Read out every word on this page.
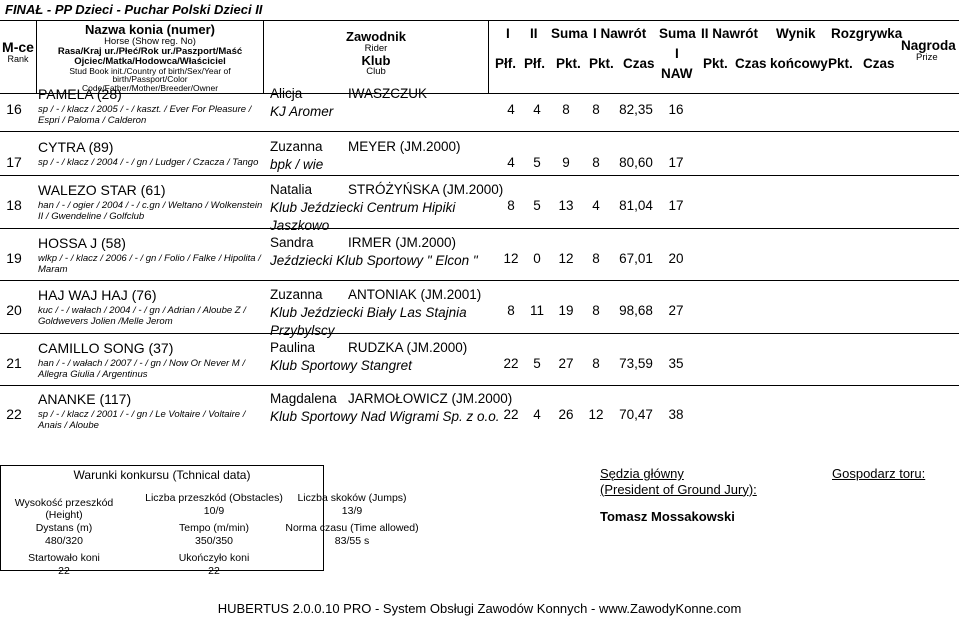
FINAŁ - PP Dzieci - Puchar Polski Dzieci II
M-ce
Rank
Nazwa konia (numer)
Horse (Show reg. No)
Rasa/Kraj ur./Płeć/Rok ur./Paszport/Maść
Ojciec/Matka/Hodowca/Właściciel
Stud Book init./Country of birth/Sex/Year of birth/Passport/Color
Code/Father/Mother/Breeder/Owner
Zawodnik
Rider
Klub
Club
I II Suma I Nawrót Suma II Nawrót Wynik Rozgrywka
Płf. Płf. Pkt. Pkt. Czas
I
NAW
Pkt. Czas końcowy Pkt. Czas
Nagroda
Prize
16
PAMELA (28)
sp / - / klacz / 2005 / - / kaszt. / Ever For Pleasure / Espri / Paloma / Calderon
Alicja	IWASZCZUK
KJ Aromer	4	4	8	8	82,35	16
17
CYTRA (89)
sp / - / klacz / 2004 / - / gn / Ludger / Czacza / Tango
Zuzanna MEYER (JM.2000)
bpk / wie	4	5	9	8	80,60	17
18
WALEZO STAR (61)
han / - / ogier / 2004 / - / c.gn / Weltano / Wolkenstein II / Gwendeline / Golfclub
Natalia	STRÓŻYŃSKA (JM.2000)
Klub Jeździecki Centrum Hipiki Jaszkowo
8	5	13	4	81,04	17
19
HOSSA J (58)
wlkp / - / klacz / 2006 / - / gn / Folio / Falke / Hipolita / Maram
Sandra	IRMER (JM.2000)
Jeździecki Klub Sportowy " Elcon "	12	0	12	8	67,01	20
20
HAJ WAJ HAJ (76)
kuc / - / wałach / 2004 / - / gn / Adrian / Aloube Z / Goldwevers Jolien /Melle Jerom
Zuzanna ANTONIAK (JM.2001)
Klub Jeździecki Biały Las Stajnia Przybylscy
8	11	19	8	98,68	27
21
CAMILLO SONG (37)
han / - / wałach / 2007 / - / gn / Now Or Never M / Allegra Giulia / Argentinus
Paulina RUDZKA (JM.2000)
Klub Sportowy Stangret	22	5	27	8	73,59	35
22
ANANKE (117)
sp / - / klacz / 2001 / - / gn / Le Voltaire / Voltaire / Anais / Aloube
Magdalena JARMOŁOWICZ (JM.2000)
Klub Sportowy Nad Wigrami Sp. z o.o. 22	4	26	12	70,47	38
Warunki konkursu (Tchnical data)
Wysokość przeszkód (Height)
Liczba przeszkód (Obstacles)
10/9
Liczba skoków (Jumps)
13/9
Dystans (m)
480/320
Tempo (m/min)
350/350
Norma czasu (Time allowed)
83/55 s
Startowało koni
22
Ukończyło koni
22
Sędzia główny
(President of Ground Jury):
Tomasz Mossakowski
Gospodarz toru:
HUBERTUS 2.0.0.10 PRO - System Obsługi Zawodów Konnych - www.ZawodyKonne.com
